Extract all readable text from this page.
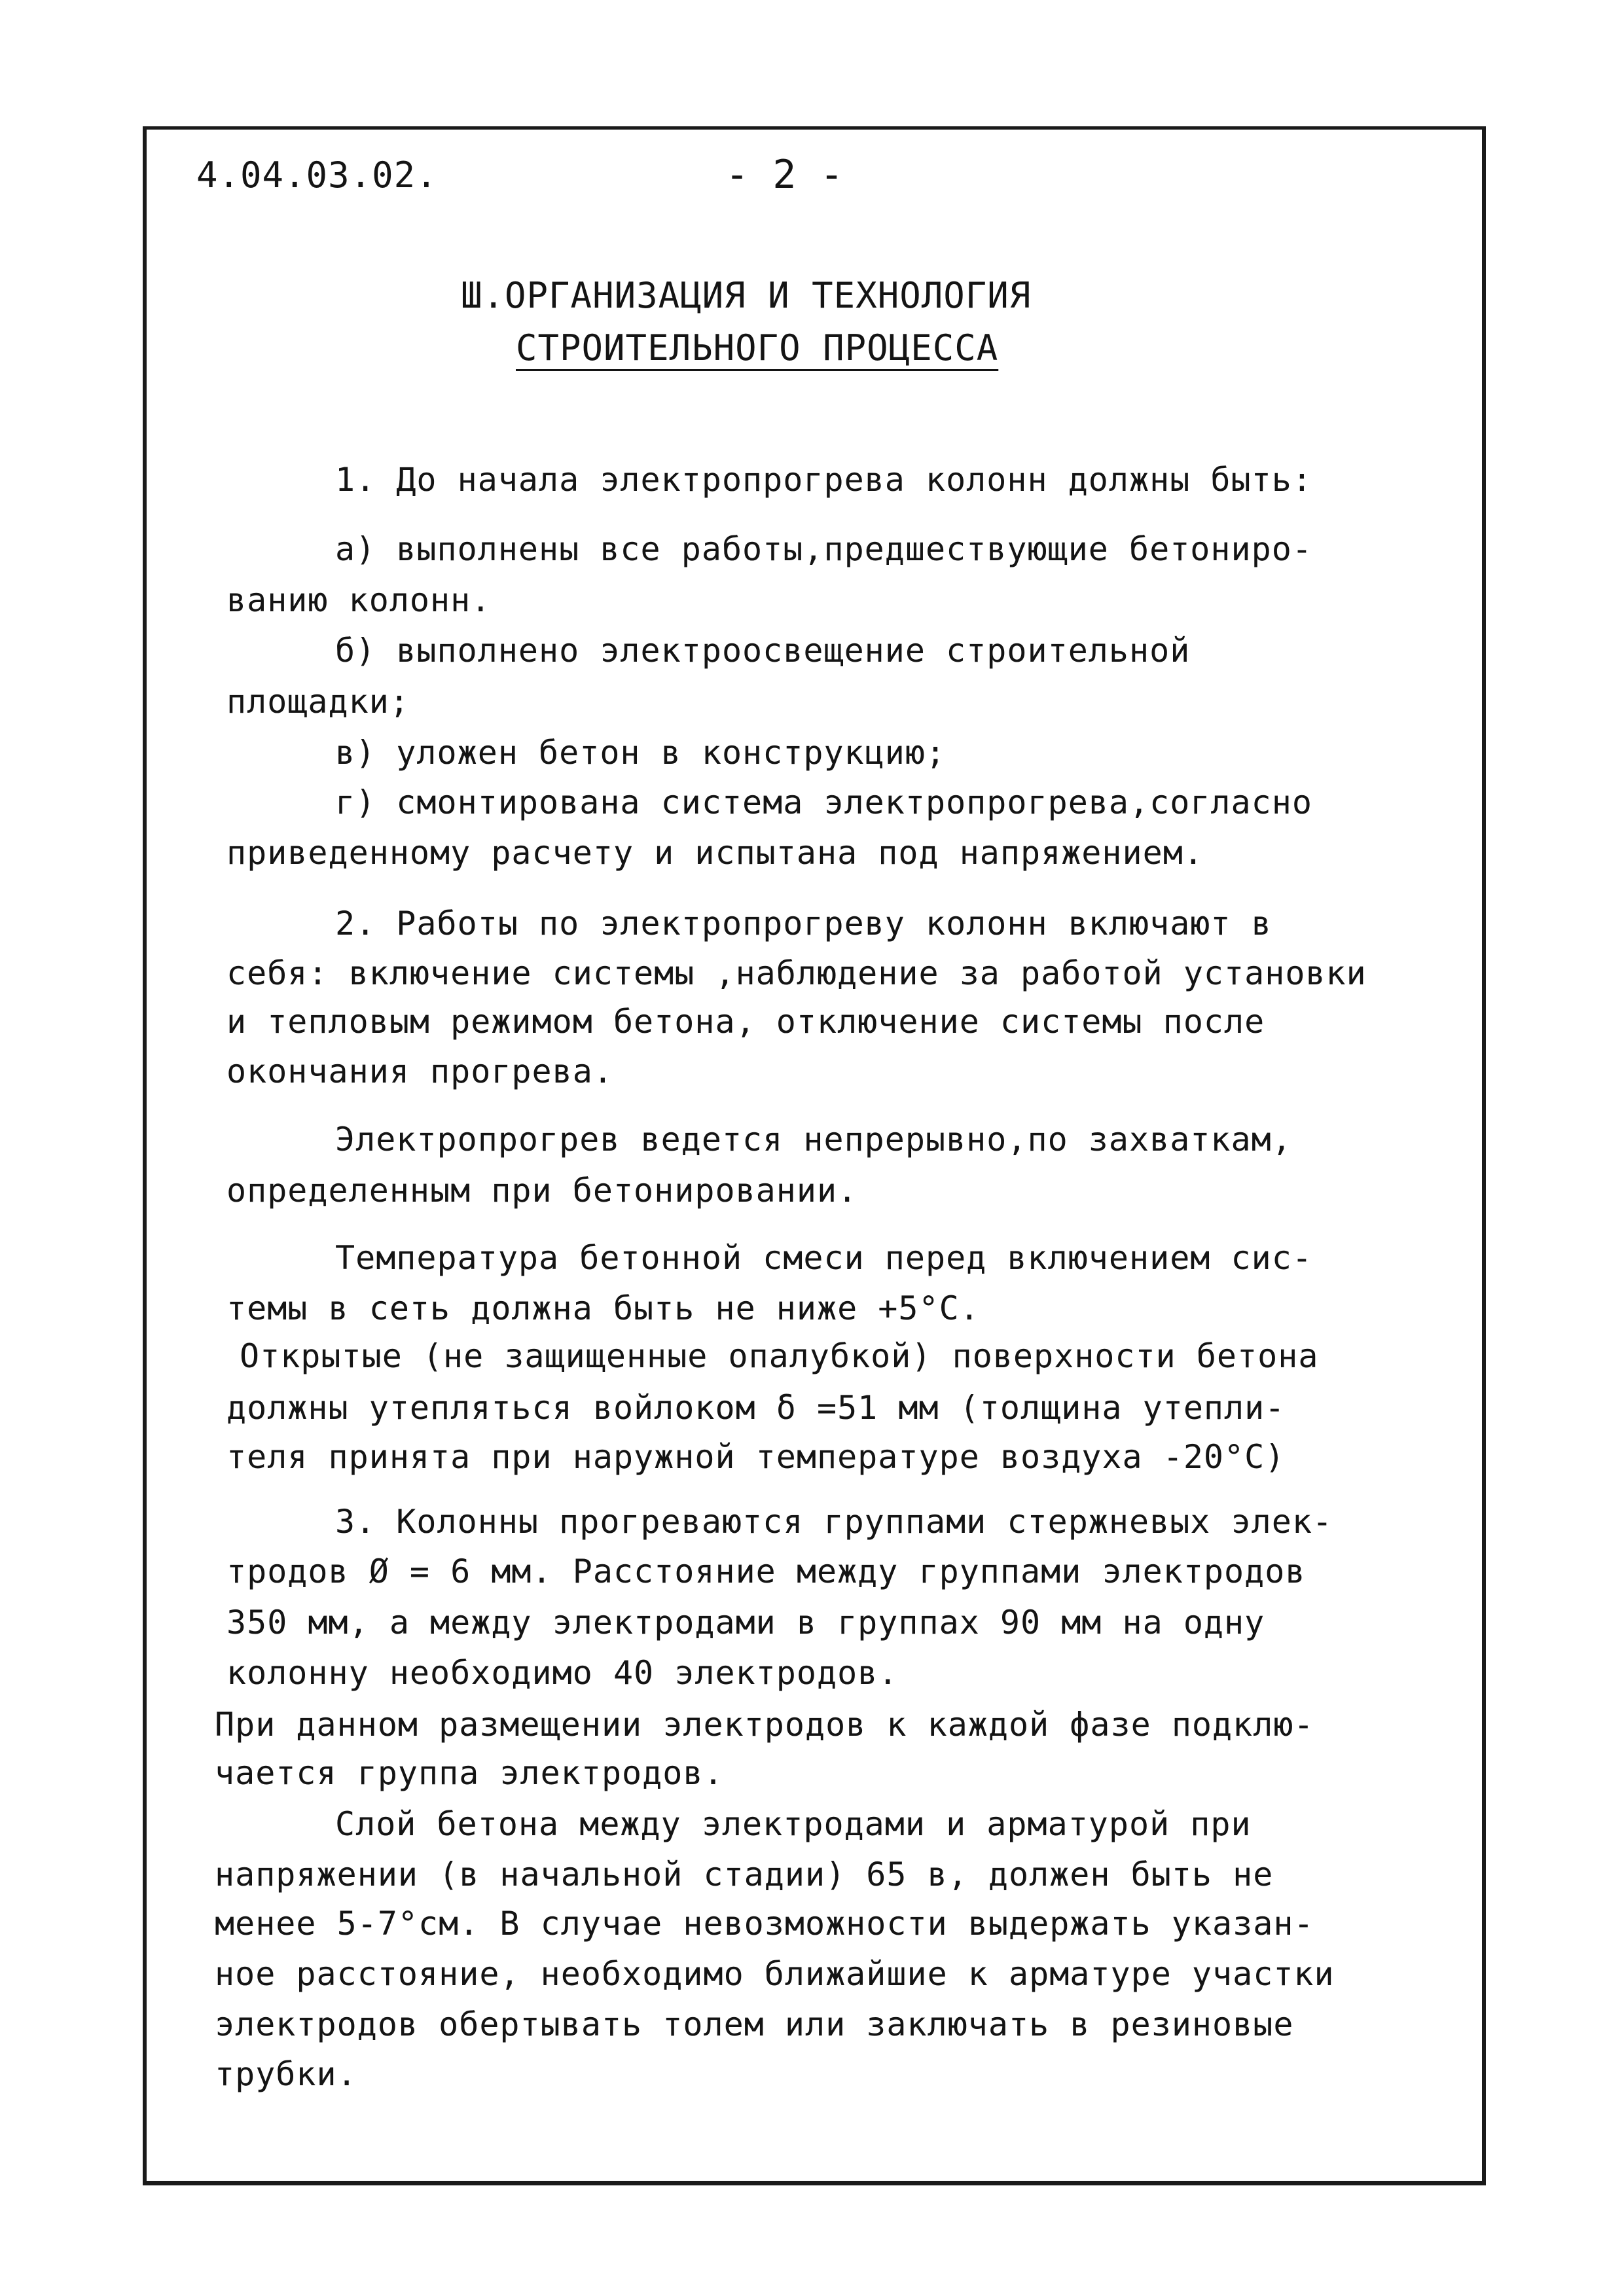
4.04.03.02.	- 2 -
Ш.ОРГАНИЗАЦИЯ И ТЕХНОЛОГИЯ
СТРОИТЕЛЬНОГО ПРОЦЕССА
1. До начала электропрогрева колонн должны быть:
а) выполнены все работы,предшествующие бетониро-
ванию колонн.
б) выполнено электроосвещение строительной
площадки;
в) уложен бетон в конструкцию;
г) смонтирована система электропрогрева,согласно
приведенному расчету и испытана под напряжением.
2. Работы по электропрогреву колонн включают в
себя: включение системы ,наблюдение за работой установки
и тепловым режимом бетона, отключение системы после
окончания прогрева.
Электропрогрев ведется непрерывно,по захваткам,
определенным при бетонировании.
Температура бетонной смеси перед включением сис-
темы в сеть должна быть не ниже +5°С.
Открытые (не защищенные опалубкой) поверхности бетона
должны утепляться войлоком δ =51 мм (толщина утепли-
теля принята при наружной температуре воздуха -20°С)
3. Колонны прогреваются группами стержневых элек-
тродов Ø = 6 мм. Расстояние между группами электродов
350 мм, а между электродами в группах 90 мм на одну
колонну необходимо 40 электродов.
При данном размещении электродов к каждой фазе подклю-
чается группа электродов.
Слой бетона между электродами и арматурой при
напряжении (в начальной стадии) 65 в, должен быть не
менее 5-7°см. В случае невозможности выдержать указан-
ное расстояние, необходимо ближайшие к арматуре участки
электродов обертывать толем или заключать в резиновые
трубки.
